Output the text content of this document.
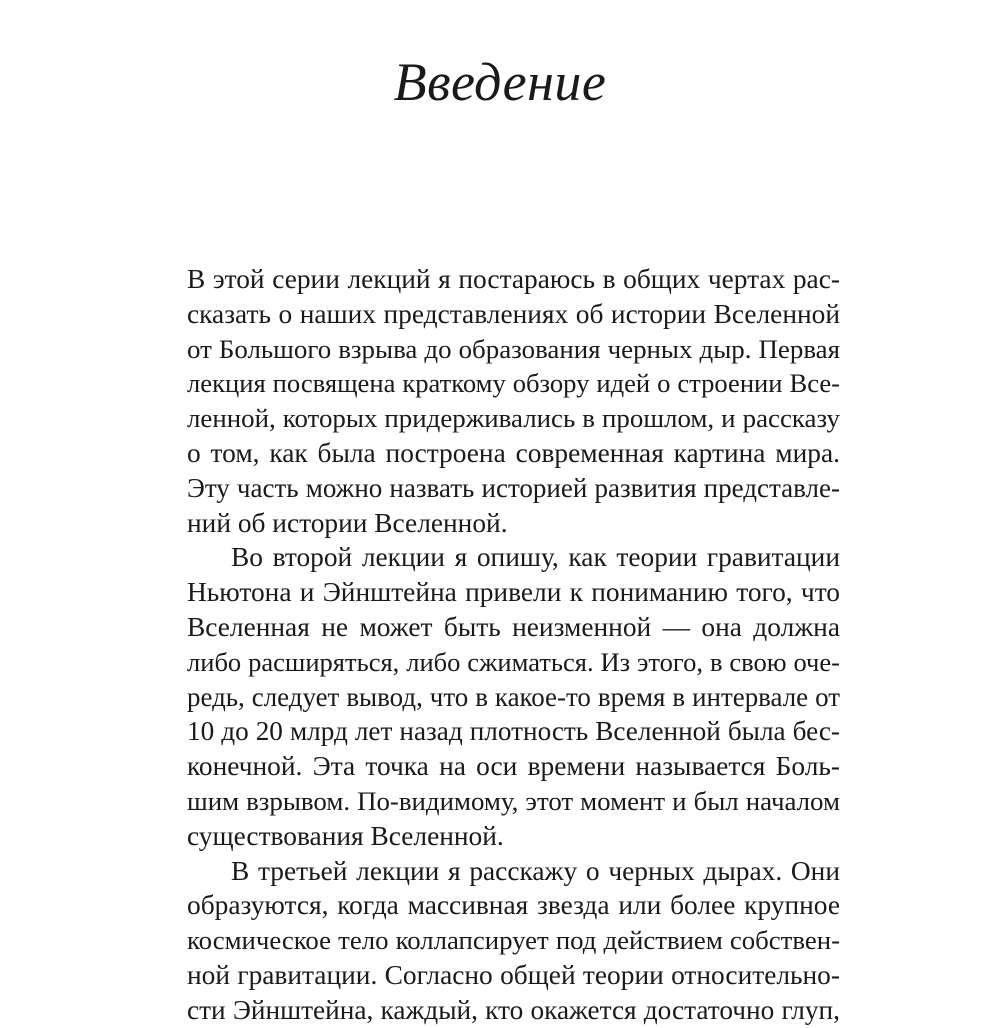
Введение
В этой серии лекций я постараюсь в общих чертах рас-
сказать о наших представлениях об истории Вселенной
от Большого взрыва до образования черных дыр. Первая
лекция посвящена краткому обзору идей о строении Все-
ленной, которых придерживались в прошлом, и рассказу
о том, как была построена современная картина мира.
Эту часть можно назвать историей развития представле-
ний об истории Вселенной.
Во второй лекции я опишу, как теории гравитации
Ньютона и Эйнштейна привели к пониманию того, что
Вселенная не может быть неизменной — она должна
либо расширяться, либо сжиматься. Из этого, в свою оче-
редь, следует вывод, что в какое-то время в интервале от
10 до 20 млрд лет назад плотность Вселенной была бес-
конечной. Эта точка на оси времени называется Боль-
шим взрывом. По-видимому, этот момент и был началом
существования Вселенной.
В третьей лекции я расскажу о черных дырах. Они
образуются, когда массивная звезда или более крупное
космическое тело коллапсирует под действием собствен-
ной гравитации. Согласно общей теории относительно-
сти Эйнштейна, каждый, кто окажется достаточно глуп,
